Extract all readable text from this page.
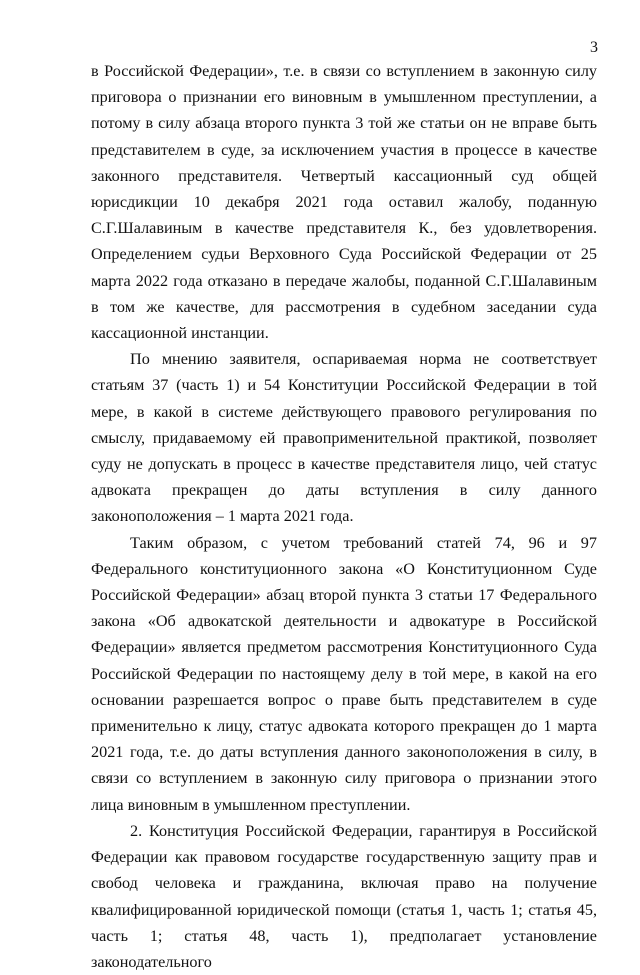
3

в Российской Федерации», т.е. в связи со вступлением в законную силу приговора о признании его виновным в умышленном преступлении, а потому в силу абзаца второго пункта 3 той же статьи он не вправе быть представителем в суде, за исключением участия в процессе в качестве законного представителя. Четвертый кассационный суд общей юрисдикции 10 декабря 2021 года оставил жалобу, поданную С.Г.Шалавиным в качестве представителя К., без удовлетворения. Определением судьи Верховного Суда Российской Федерации от 25 марта 2022 года отказано в передаче жалобы, поданной С.Г.Шалавиным в том же качестве, для рассмотрения в судебном заседании суда кассационной инстанции.

По мнению заявителя, оспариваемая норма не соответствует статьям 37 (часть 1) и 54 Конституции Российской Федерации в той мере, в какой в системе действующего правового регулирования по смыслу, придаваемому ей правоприменительной практикой, позволяет суду не допускать в процесс в качестве представителя лицо, чей статус адвоката прекращен до даты вступления в силу данного законоположения – 1 марта 2021 года.

Таким образом, с учетом требований статей 74, 96 и 97 Федерального конституционного закона «О Конституционном Суде Российской Федерации» абзац второй пункта 3 статьи 17 Федерального закона «Об адвокатской деятельности и адвокатуре в Российской Федерации» является предметом рассмотрения Конституционного Суда Российской Федерации по настоящему делу в той мере, в какой на его основании разрешается вопрос о праве быть представителем в суде применительно к лицу, статус адвоката которого прекращен до 1 марта 2021 года, т.е. до даты вступления данного законоположения в силу, в связи со вступлением в законную силу приговора о признании этого лица виновным в умышленном преступлении.

2. Конституция Российской Федерации, гарантируя в Российской Федерации как правовом государстве государственную защиту прав и свобод человека и гражданина, включая право на получение квалифицированной юридической помощи (статья 1, часть 1; статья 45, часть 1; статья 48, часть 1), предполагает установление законодательного
